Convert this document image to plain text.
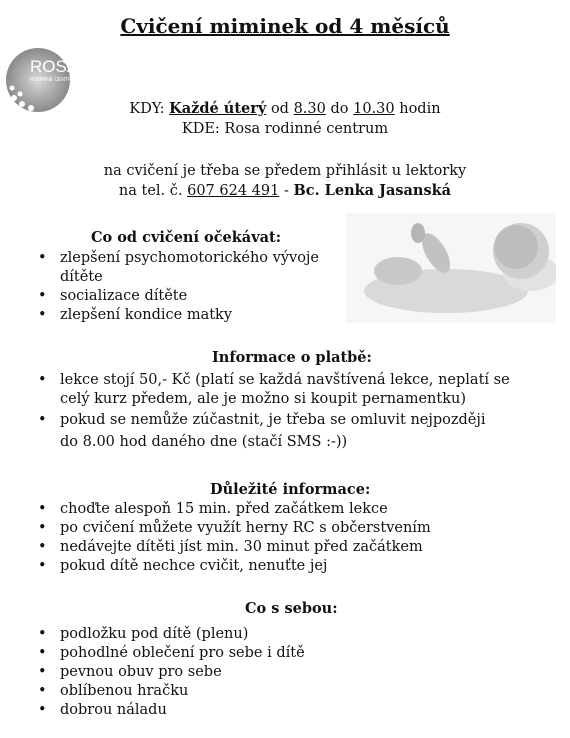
Cvičení miminek od 4 měsíců
ROSA
RODINNÉ CENTRUM
KDY: Každé úterý od 8.30 do 10.30 hodin
KDE: Rosa rodinné centrum
na cvičení je třeba se předem přihlásit u lektorky
na tel. č. 607 624 491 - Bc. Lenka Jasanská
Co od cvičení očekávat:
• zlepšení psychomotorického vývoje dítěte
• socializace dítěte
• zlepšení kondice matky
Informace o platbě:
• lekce stojí 50,- Kč (platí se každá navštívená lekce, neplatí se celý kurz předem, ale je možno si koupit pernamentku)
• pokud se nemůže zúčastnit, je třeba se omluvit nejpozději do 8.00 hod daného dne (stačí SMS :-))
Důležité informace:
• choďte alespoň 15 min. před začátkem lekce
• po cvičení můžete využít herny RC s občerstvením
• nedávejte dítěti jíst min. 30 minut před začátkem
• pokud dítě nechce cvičit, nenuťte jej
Co s sebou:
• podložku pod dítě (plenu)
• pohodlné oblečení pro sebe i dítě
• pevnou obuv pro sebe
• oblíbenou hračku
• dobrou náladu
